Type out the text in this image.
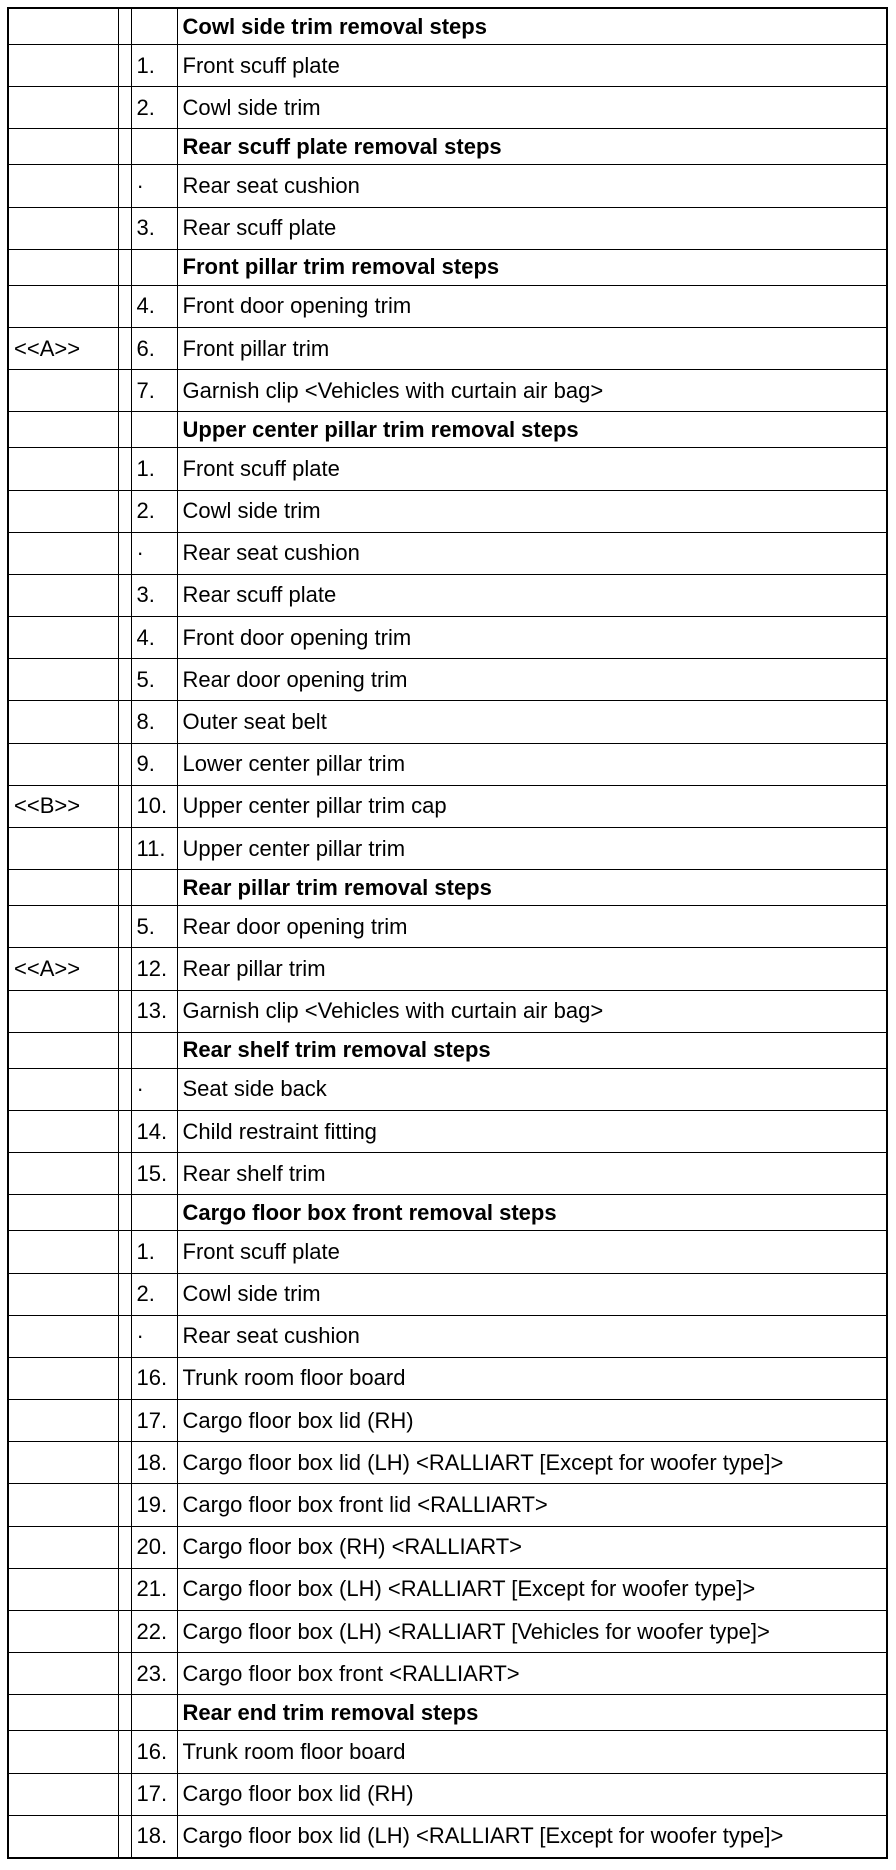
			Cowl side trim removal steps
		1.	Front scuff plate
		2.	Cowl side trim
			Rear scuff plate removal steps
		·	Rear seat cushion
		3.	Rear scuff plate
			Front pillar trim removal steps
		4.	Front door opening trim
<<A>>		6.	Front pillar trim
		7.	Garnish clip <Vehicles with curtain air bag>
			Upper center pillar trim removal steps
		1.	Front scuff plate
		2.	Cowl side trim
		·	Rear seat cushion
		3.	Rear scuff plate
		4.	Front door opening trim
		5.	Rear door opening trim
		8.	Outer seat belt
		9.	Lower center pillar trim
<<B>>		10.	Upper center pillar trim cap
		11.	Upper center pillar trim
			Rear pillar trim removal steps
		5.	Rear door opening trim
<<A>>		12.	Rear pillar trim
		13.	Garnish clip <Vehicles with curtain air bag>
			Rear shelf trim removal steps
		·	Seat side back
		14.	Child restraint fitting
		15.	Rear shelf trim
			Cargo floor box front removal steps
		1.	Front scuff plate
		2.	Cowl side trim
		·	Rear seat cushion
		16.	Trunk room floor board
		17.	Cargo floor box lid (RH)
		18.	Cargo floor box lid (LH) <RALLIART [Except for woofer type]>
		19.	Cargo floor box front lid <RALLIART>
		20.	Cargo floor box (RH) <RALLIART>
		21.	Cargo floor box (LH) <RALLIART [Except for woofer type]>
		22.	Cargo floor box (LH) <RALLIART [Vehicles for woofer type]>
		23.	Cargo floor box front <RALLIART>
			Rear end trim removal steps
		16.	Trunk room floor board
		17.	Cargo floor box lid (RH)
		18.	Cargo floor box lid (LH) <RALLIART [Except for woofer type]>
